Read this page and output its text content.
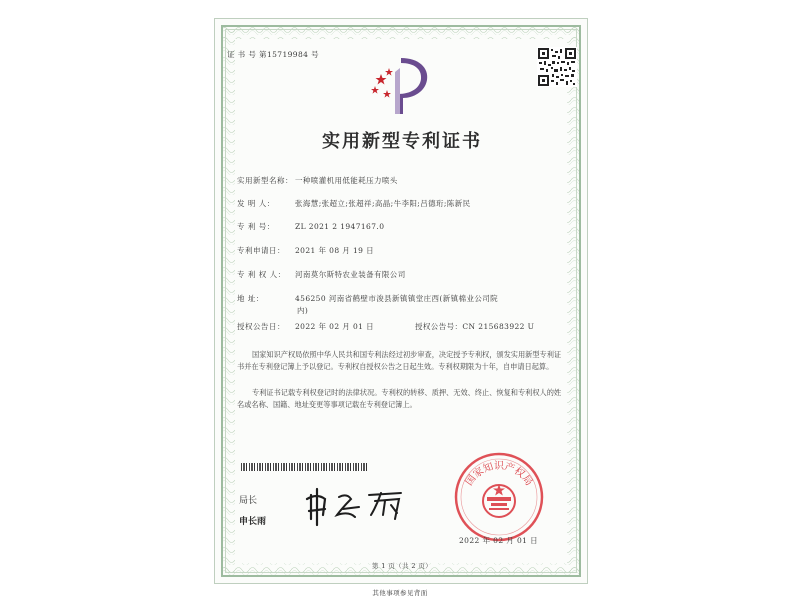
证 书 号 第15719984 号
实用新型专利证书
实用新型名称： 一种喷灌机用低能耗压力喷头
发 明 人：	张海慧;张超立;张超祥;高晶;牛李阳;吕德珩;陈新民
专 利 号：	ZL 2021 2 1947167.0
专利申请日： 2021 年 08 月 19 日
专 利 权 人： 河南莫尔斯特农业装备有限公司
地 址：	456250 河南省鹤壁市浚县新镇镇堂庄西(新镇棉业公司院
内)
授权公告日： 2022 年 02 月 01 日	授权公告号：CN 215683922 U
国家知识产权局依照中华人民共和国专利法经过初步审查，决定授予专利权，颁发实用新型专利证书并在专利登记簿上予以登记。专利权自授权公告之日起生效。专利权期限为十年，自申请日起算。
专利证书记载专利权登记时的法律状况。专利权的转移、质押、无效、终止、恢复和专利权人的姓名或名称、国籍、地址变更等事项记载在专利登记簿上。
局长
申长雨
国家知识产权局
2022 年 02 月 01 日
第 1 页（共 2 页）
其他事项参见背面
